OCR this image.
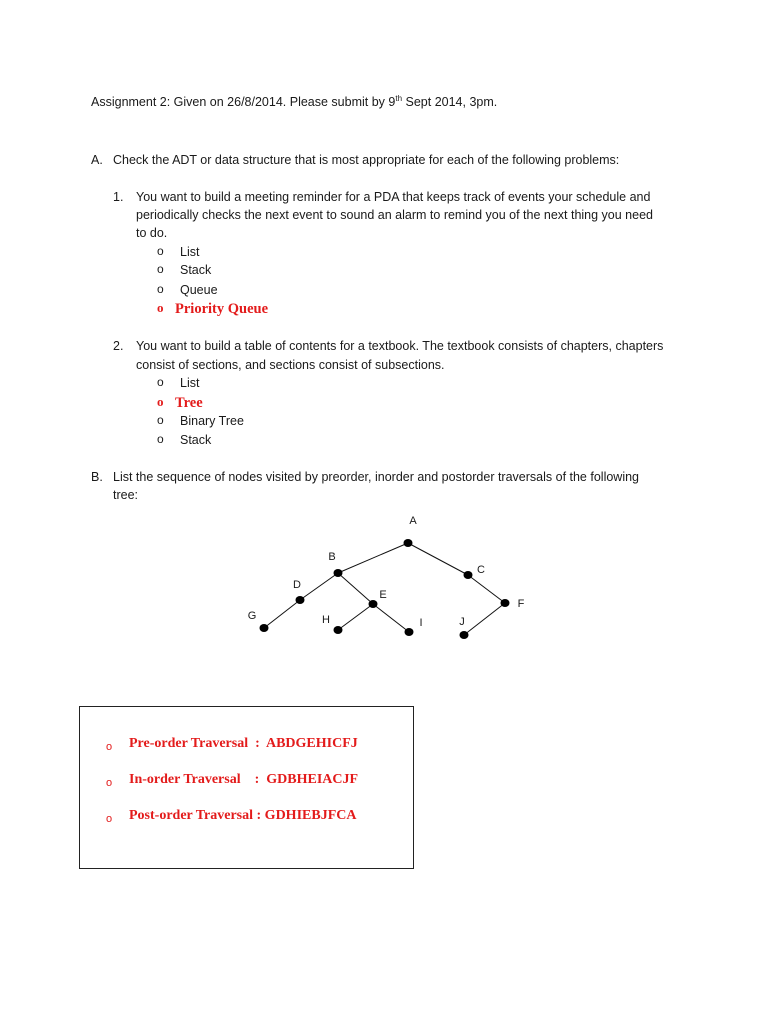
Assignment 2: Given on 26/8/2014. Please submit by 9th Sept 2014, 3pm.
A. Check the ADT or data structure that is most appropriate for each of the following problems:
1. You want to build a meeting reminder for a PDA that keeps track of events your schedule and
periodically checks the next event to sound an alarm to remind you of the next thing you need
to do.
o List
o Stack
o Queue
o Priority Queue
2. You want to build a table of contents for a textbook. The textbook consists of chapters, chapters
consist of sections, and sections consist of subsections.
o List
o Tree
o Binary Tree
o Stack
B. List the sequence of nodes visited by preorder, inorder and postorder traversals of the following
tree:
A
B
C
D
E
F
G	H	I	J
o Pre-order Traversal  :  ABDGEHICFJ
o In-order Traversal    :  GDBHEIACJF
o Post-order Traversal : GDHIEBJFCA
